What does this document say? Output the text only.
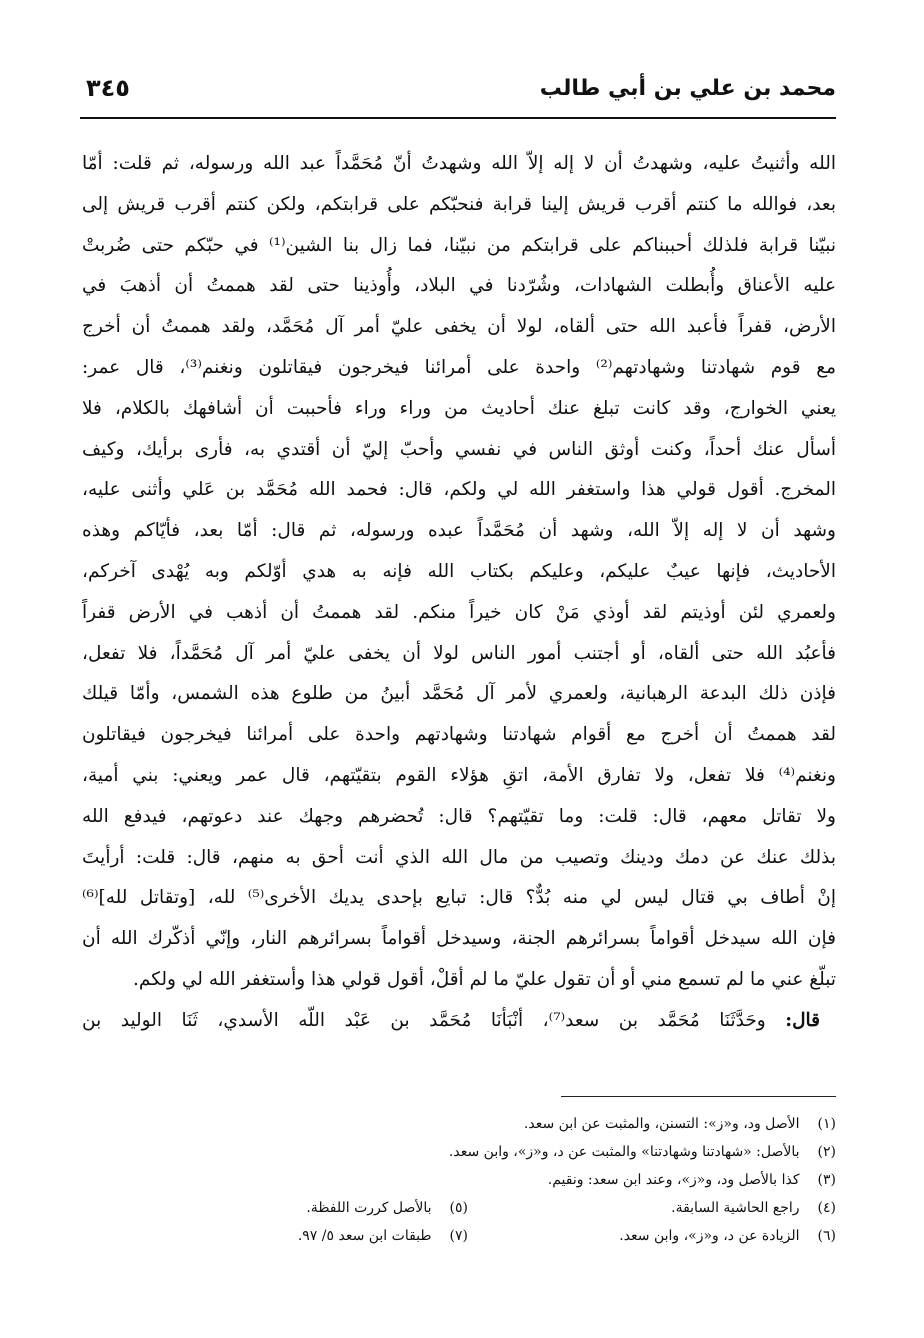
محمد بن علي بن أبي طالب
٣٤٥
الله وأثنيتُ عليه، وشهدتُ أن لا إله إلاّ الله وشهدتُ أنّ مُحَمَّداً عبد الله ورسوله، ثم قلت: أمّا
بعد، فوالله ما كنتم أقرب قريش إلينا قرابة فنحبّكم على قرابتكم، ولكن كنتم أقرب قريش إلى
نبيّنا قرابة فلذلك أحببناكم على قرابتكم من نبيّنا، فما زال بنا الشين⁽¹⁾ في حبّكم حتى ضُربتْ
عليه الأعناق وأُبطلت الشهادات، وشُرّدنا في البلاد، وأُوذينا حتى لقد هممتُ أن أذهبَ في
الأرض، قفراً فأعبد الله حتى ألقاه، لولا أن يخفى عليّ أمر آل مُحَمَّد، ولقد هممتُ أن أخرج
مع قوم شهادتنا وشهادتهم⁽²⁾ واحدة على أمرائنا فيخرجون فيقاتلون ونغنم⁽³⁾، قال عمر:
يعني الخوارج، وقد كانت تبلغ عنك أحاديث من وراء وراء فأحببت أن أشافهك بالكلام، فلا
أسأل عنك أحداً، وكنت أوثق الناس في نفسي وأحبّ إليّ أن أقتدي به، فأرى برأيك، وكيف
المخرج. أقول قولي هذا واستغفر الله لي ولكم، قال: فحمد الله مُحَمَّد بن عَلي وأثنى عليه،
وشهد أن لا إله إلاّ الله، وشهد أن مُحَمَّداً عبده ورسوله، ثم قال: أمّا بعد، فأيّاكم وهذه
الأحاديث، فإنها عيبٌ عليكم، وعليكم بكتاب الله فإنه به هدي أوّلكم وبه يُهْدى آخركم،
ولعمري لئن أوذيتم لقد أوذي مَنْ كان خيراً منكم. لقد هممتُ أن أذهب في الأرض قفراً
فأعبُد الله حتى ألقاه، أو أجتنب أمور الناس لولا أن يخفى عليّ أمر آل مُحَمَّداً، فلا تفعل،
فإذن ذلك البدعة الرهبانية، ولعمري لأمر آل مُحَمَّد أبينُ من طلوع هذه الشمس، وأمّا قيلك
لقد هممتُ أن أخرج مع أقوام شهادتنا وشهادتهم واحدة على أمرائنا فيخرجون فيقاتلون
ونغنم⁽⁴⁾ فلا تفعل، ولا تفارق الأمة، اتقِ هؤلاء القوم بتقيّتهم، قال عمر ويعني: بني أمية،
ولا تقاتل معهم، قال: قلت: وما تقيّتهم؟ قال: تُحضرهم وجهك عند دعوتهم، فيدفع الله
بذلك عنك عن دمك ودينك وتصيب من مال الله الذي أنت أحق به منهم، قال: قلت: أرأيتَ
إنْ أطاف بي قتال ليس لي منه بُدٌّ؟ قال: تبايع بإحدى يديك الأخرى⁽⁵⁾ لله، [وتقاتل لله]⁽⁶⁾
فإن الله سيدخل أقواماً بسرائرهم الجنة، وسيدخل أقواماً بسرائرهم النار، وإنّي أذكّرك الله أن
تبلّغ عني ما لم تسمع مني أو أن تقول عليّ ما لم أقلْ، أقول قولي هذا وأستغفر الله لي ولكم.
قال: وحَدَّثَنَا مُحَمَّد بن سعد⁽⁷⁾، أنْبَأنَا مُحَمَّد بن عَبْد اللّه الأسدي، ثَنَا الوليد بن
(١) الأصل ود، و«ز»: التسنن، والمثبت عن ابن سعد.
(٢) بالأصل: «شهادتنا وشهادتنا» والمثبت عن د، و«ز»، وابن سعد.
(٣) كذا بالأصل ود، و«ز»، وعند ابن سعد: ونقيم.
(٤) راجع الحاشية السابقة.
(٥) بالأصل كررت اللفظة.
(٦) الزيادة عن د، و«ز»، وابن سعد.
(٧) طبقات ابن سعد ٥/ ٩٧.
